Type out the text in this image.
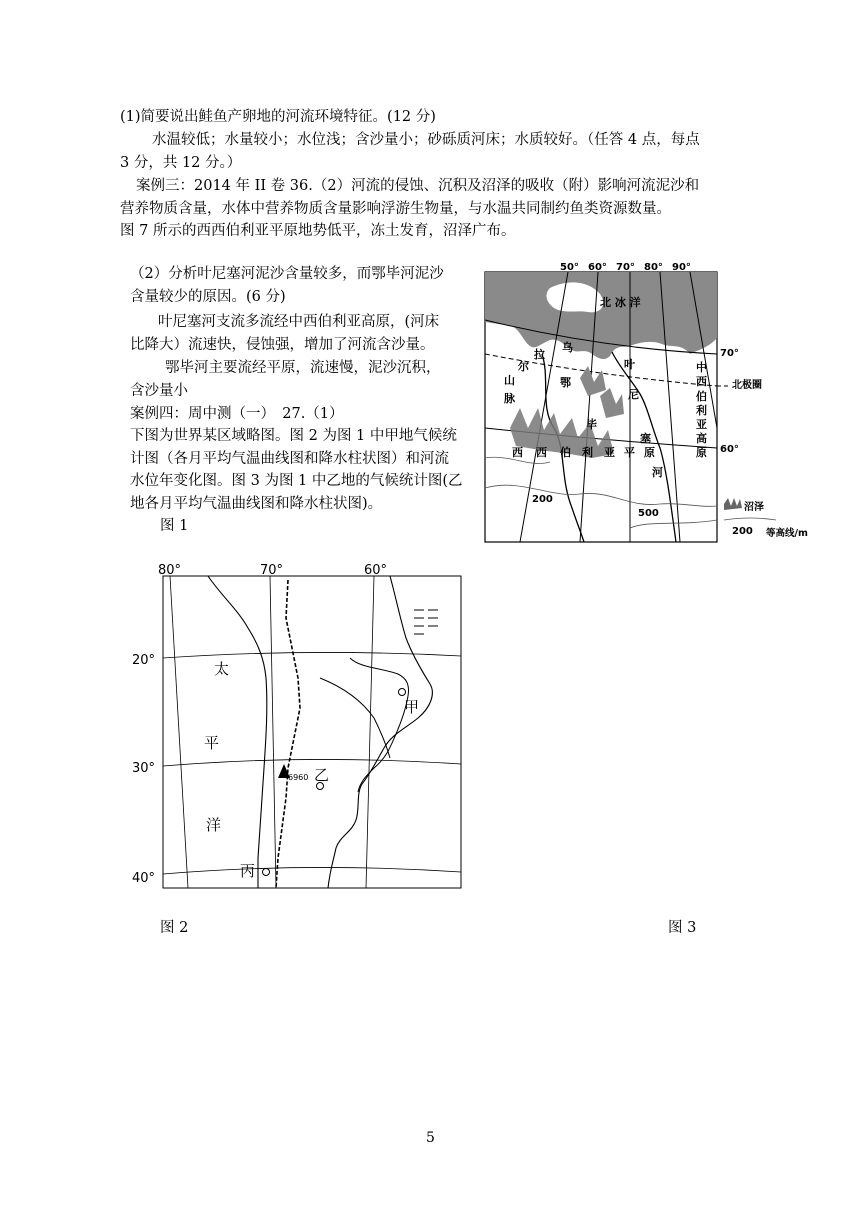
(1)简要说出鲑鱼产卵地的河流环境特征。(12 分)
水温较低；水量较小；水位浅；含沙量小；砂砾质河床；水质较好。（任答 4 点，每点
3 分，共 12 分。）
案例三：2014 年 II 卷 36.（2）河流的侵蚀、沉积及沼泽的吸收（附）影响河流泥沙和
营养物质含量，水体中营养物质含量影响浮游生物量，与水温共同制约鱼类资源数量。
图 7 所示的西西伯利亚平原地势低平，冻土发育，沼泽广布。
（2）分析叶尼塞河泥沙含量较多，而鄂毕河泥沙
含量较少的原因。(6 分)
叶尼塞河支流多流经中西伯利亚高原，(河床
比降大）流速快，侵蚀强，增加了河流含沙量。
鄂毕河主要流经平原，流速慢，泥沙沉积，
含沙量小
案例四：周中测（一）　27.（1）
下图为世界某区域略图。图 2 为图 1 中甲地气候统
计图（各月平均气温曲线图和降水柱状图）和河流
水位年变化图。图 3 为图 1 中乙地的气候统计图(乙
地各月平均气温曲线图和降水柱状图)。
图 1
50° 60° 70° 80° 90°
70°
60°
北极圈
北 冰 洋
乌
拉
尔
山
脉
鄂
毕
叶
尼
塞
河
中
西
伯
利
亚
高
原
西 西 伯 利 亚 平 原
200
500
沼泽
200 等高线/m
80°	70°	60°
20°
30°
40°
太
平
洋
甲
乙
丙
6960
图 2	图 3
5
